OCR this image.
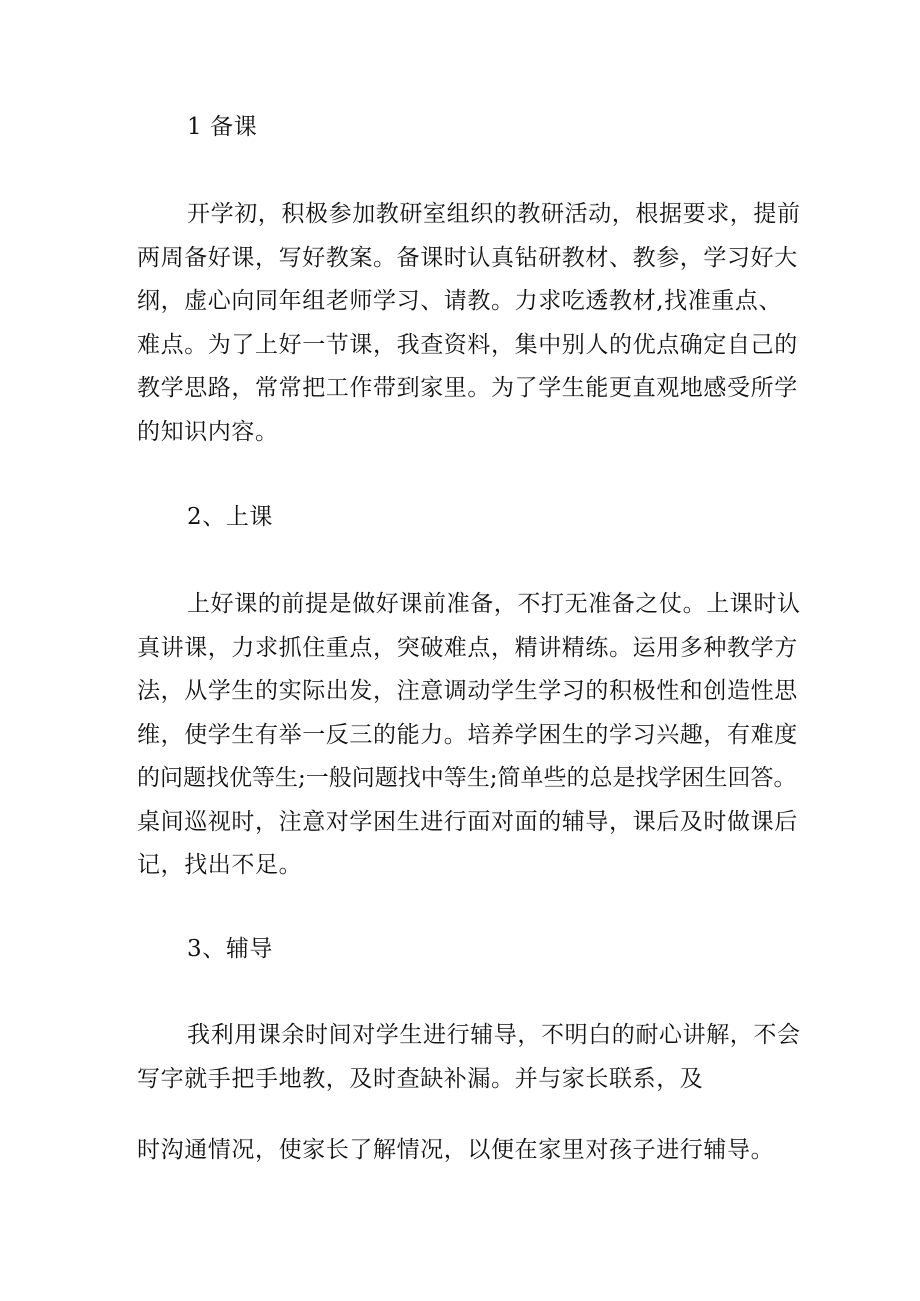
1 备课
开学初，积极参加教研室组织的教研活动，根据要求，提前
两周备好课，写好教案。备课时认真钻研教材、教参，学习好大
纲，虚心向同年组老师学习、请教。力求吃透教材,找准重点、
难点。为了上好一节课，我查资料，集中别人的优点确定自己的
教学思路，常常把工作带到家里。为了学生能更直观地感受所学
的知识内容。
2、上课
上好课的前提是做好课前准备，不打无准备之仗。上课时认
真讲课，力求抓住重点，突破难点，精讲精练。运用多种教学方
法，从学生的实际出发，注意调动学生学习的积极性和创造性思
维，使学生有举一反三的能力。培养学困生的学习兴趣，有难度
的问题找优等生;一般问题找中等生;简单些的总是找学困生回答。
桌间巡视时，注意对学困生进行面对面的辅导，课后及时做课后
记，找出不足。
3、辅导
我利用课余时间对学生进行辅导，不明白的耐心讲解，不会
写字就手把手地教，及时查缺补漏。并与家长联系，及
时沟通情况，使家长了解情况，以便在家里对孩子进行辅导。
